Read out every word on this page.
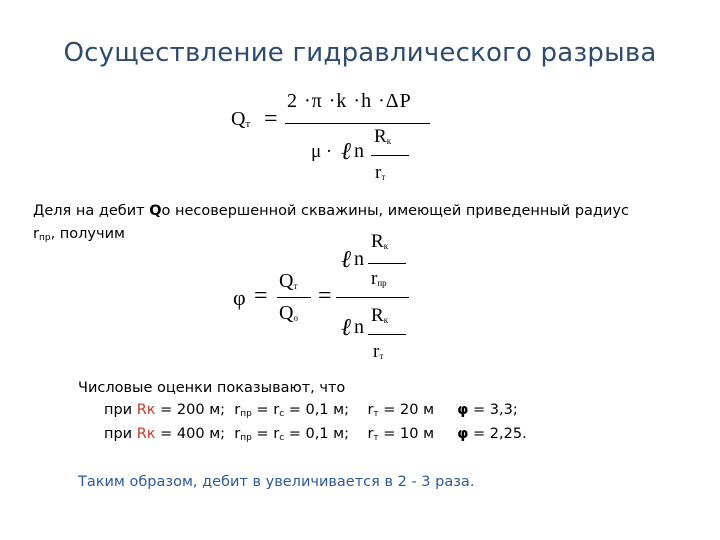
Осуществление гидравлического разрыва
Qт =
2 ·π ·k ·h ·ΔP
μ · ℓ n
$R_к$
$r_т$
Деля на дебит Qо несовершенной скважины, имеющей приведенный радиус
$r_{пр}$, получим
φ =
$Q_т$
$Q_о$
=
ℓ n
$R_к$
$r_{пр}$
ℓ n
$R_к$
$r_т$
Числовые оценки показывают, что
при Rк = 200 м; $r_{пр} = r_с = 0,1$ м; $r_т = 20$ м φ = 3,3;
при Rк = 400 м; $r_{пр} = r_с = 0,1$ м; $r_т = 10$ м φ = 2,25.
Таким образом, дебит в увеличивается в 2 - 3 раза.
